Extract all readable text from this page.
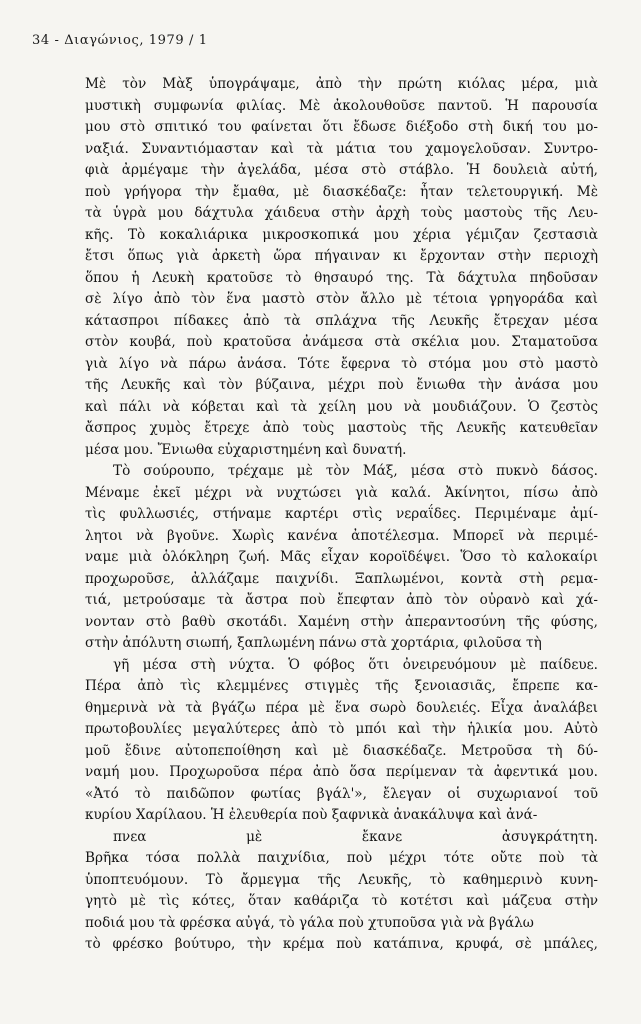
34 - Διαγώνιος, 1979 / 1
Μὲ τὸν Μὰξ ὑπογράψαμε, ἀπὸ τὴν πρώτη κιόλας μέρα, μιὰ
μυστικὴ συμφωνία φιλίας. Μὲ ἀκολουθοῦσε παντοῦ. Ἡ παρουσία
μου στὸ σπιτικό του φαίνεται ὅτι ἔδωσε διέξοδο στὴ δική του μο-
ναξιά. Συναντιόμασταν καὶ τὰ μάτια του χαμογελοῦσαν. Συντρο-
φιὰ ἀρμέγαμε τὴν ἀγελάδα, μέσα στὸ στάβλο. Ἡ δουλειὰ αὐτή,
ποὺ γρήγορα τὴν ἔμαθα, μὲ διασκέδαζε: ἦταν τελετουργική. Μὲ
τὰ ὑγρὰ μου δάχτυλα χάιδευα στὴν ἀρχὴ τοὺς μαστοὺς τῆς Λευ-
κῆς. Τὸ κοκαλιάρικα μικροσκοπικά μου χέρια γέμιζαν ζεστασιὰ
ἔτσι ὅπως γιὰ ἀρκετὴ ὥρα πήγαιναν κι ἔρχονταν στὴν περιοχὴ
ὅπου ἡ Λευκὴ κρατοῦσε τὸ θησαυρό της. Τὰ δάχτυλα πηδοῦσαν
σὲ λίγο ἀπὸ τὸν ἕνα μαστὸ στὸν ἄλλο μὲ τέτοια γρηγοράδα καὶ
κάτασπροι πίδακες ἀπὸ τὰ σπλάχνα τῆς Λευκῆς ἔτρεχαν μέσα
στὸν κουβά, ποὺ κρατοῦσα ἀνάμεσα στὰ σκέλια μου. Σταματοῦσα
γιὰ λίγο νὰ πάρω ἀνάσα. Τότε ἔφερνα τὸ στόμα μου στὸ μαστὸ
τῆς Λευκῆς καὶ τὸν βύζαινα, μέχρι ποὺ ἔνιωθα τὴν ἀνάσα μου
καὶ πάλι νὰ κόβεται καὶ τὰ χείλη μου νὰ μουδιάζουν. Ὁ ζεστὸς
ἄσπρος χυμὸς ἔτρεχε ἀπὸ τοὺς μαστοὺς τῆς Λευκῆς κατευθεῖαν
μέσα μου. Ἔνιωθα εὐχαριστημένη καὶ δυνατή.
Τὸ σούρουπο, τρέχαμε μὲ τὸν Μάξ, μέσα στὸ πυκνὸ δάσος.
Μέναμε ἐκεῖ μέχρι νὰ νυχτώσει γιὰ καλά. Ἀκίνητοι, πίσω ἀπὸ
τὶς φυλλωσιές, στήναμε καρτέρι στὶς νεραΐδες. Περιμέναμε ἀμί-
λητοι νὰ βγοῦνε. Χωρὶς κανένα ἀποτέλεσμα. Μπορεῖ νὰ περιμέ-
ναμε μιὰ ὁλόκληρη ζωή. Μᾶς εἶχαν κοροϊδέψει. Ὅσο τὸ καλοκαίρι
προχωροῦσε, ἀλλάζαμε παιχνίδι. Ξαπλωμένοι, κοντὰ στὴ ρεμα-
τιά, μετρούσαμε τὰ ἄστρα ποὺ ἔπεφταν ἀπὸ τὸν οὐρανὸ καὶ χά-
νονταν στὸ βαθὺ σκοτάδι. Χαμένη στὴν ἀπεραντοσύνη τῆς φύσης,
στὴν ἀπόλυτη σιωπή, ξαπλωμένη πάνω στὰ χορτάρια, φιλοῦσα τὴ
γῆ μέσα στὴ νύχτα. Ὁ φόβος ὅτι ὀνειρευόμουν μὲ παίδευε.
Πέρα ἀπὸ τὶς κλεμμένες στιγμὲς τῆς ξενοιασιᾶς, ἔπρεπε κα-
θημερινὰ νὰ τὰ βγάζω πέρα μὲ ἕνα σωρὸ δουλειές. Εἶχα ἀναλάβει
πρωτοβουλίες μεγαλύτερες ἀπὸ τὸ μπόι καὶ τὴν ἡλικία μου. Αὐτὸ
μοῦ ἔδινε αὐτοπεποίθηση καὶ μὲ διασκέδαζε. Μετροῦσα τὴ δύ-
ναμή μου. Προχωροῦσα πέρα ἀπὸ ὅσα περίμεναν τὰ ἀφεντικά μου.
«Ἀτό τὸ παιδῶπον φωτίας βγάλ'», ἔλεγαν οἱ συχωριανοί τοῦ
κυρίου Χαρίλαου. Ἡ ἐλευθερία ποὺ ξαφνικὰ ἀνακάλυψα καὶ ἀνά-
πνεα μὲ ἔκανε ἀσυγκράτητη.
Βρῆκα τόσα πολλὰ παιχνίδια, ποὺ μέχρι τότε οὔτε ποὺ τὰ
ὑποπτευόμουν. Τὸ ἄρμεγμα τῆς Λευκῆς, τὸ καθημερινὸ κυνη-
γητὸ μὲ τὶς κότες, ὅταν καθάριζα τὸ κοτέτσι καὶ μάζευα στὴν
ποδιά μου τὰ φρέσκα αὐγά, τὸ γάλα ποὺ χτυποῦσα γιὰ νὰ βγάλω
τὸ φρέσκο βούτυρο, τὴν κρέμα ποὺ κατάπινα, κρυφά, σὲ μπάλες,
